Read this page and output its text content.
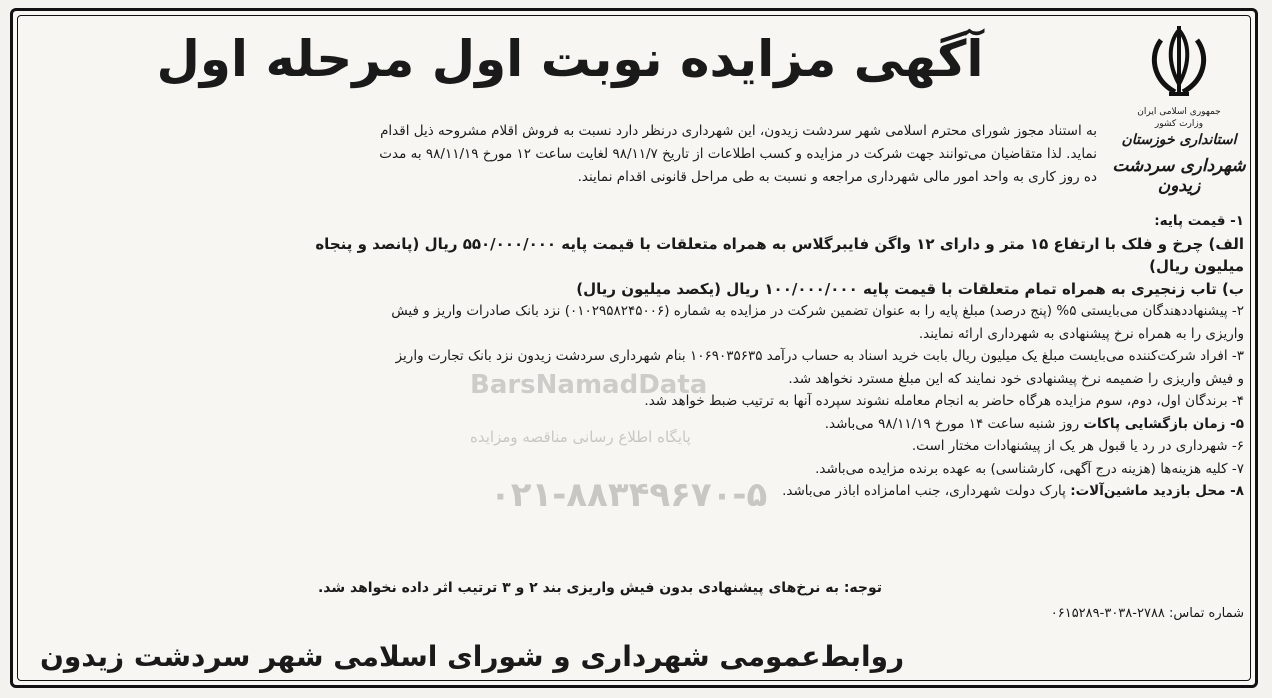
آگهی مزایده نوبت اول مرحله اول
جمهوری اسلامی ایران
وزارت کشور
استانداری خوزستان
شهرداری سردشت زیدون

به استناد مجوز شورای محترم اسلامی شهر سردشت زیدون، این شهرداری درنظر دارد نسبت به فروش اقلام مشروحه ذیل اقدام

نماید. لذا متقاضیان می‌توانند جهت شرکت در مزایده و کسب اطلاعات از تاریخ ۹۸/۱۱/۷ لغایت ساعت ۱۲ مورخ ۹۸/۱۱/۱۹ به مدت

ده روز کاری به واحد امور مالی شهرداری مراجعه و نسبت به طی مراحل قانونی اقدام نمایند.

۱- قیمت پایه:

الف) چرخ و فلک با ارتفاع ۱۵ متر و دارای ۱۲ واگن فایبرگلاس به همراه متعلقات با قیمت پایه ۵۵۰/۰۰۰/۰۰۰ ریال (پانصد و پنجاه

میلیون ریال)

ب) تاب زنجیری به همراه تمام متعلقات با قیمت پایه ۱۰۰/۰۰۰/۰۰۰ ریال (یکصد میلیون ریال)

۲- پیشنهاددهندگان می‌بایستی ۵% (پنج درصد) مبلغ پایه را به عنوان تضمین شرکت در مزایده به شماره (۰۱۰۲۹۵۸۲۴۵۰۰۶) نزد بانک صادرات واریز و فیش

واریزی را به همراه نرخ پیشنهادی به شهرداری ارائه نمایند.

۳- افراد شرکت‌کننده می‌بایست مبلغ یک میلیون ریال بابت خرید اسناد به حساب درآمد ۱۰۶۹۰۳۵۶۳۵ بنام شهرداری سردشت زیدون نزد بانک تجارت واریز

و فیش واریزی را ضمیمه نرخ پیشنهادی خود نمایند که این مبلغ مسترد نخواهد شد.

۴- برندگان اول، دوم، سوم مزایده هرگاه حاضر به انجام معامله نشوند سپرده آنها به ترتیب ضبط خواهد شد.

۵- زمان بازگشایی پاکات روز شنبه ساعت ۱۴ مورخ ۹۸/۱۱/۱۹ می‌باشد.

۶- شهرداری در رد یا قبول هر یک از پیشنهادات مختار است.

۷- کلیه هزینه‌ها (هزینه درج آگهی، کارشناسی) به عهده برنده مزایده می‌باشد.

۸- محل بازدید ماشین‌آلات: پارک دولت شهرداری، جنب امامزاده اباذر می‌باشد.

توجه: به نرخ‌های پیشنهادی بدون فیش واریزی بند ۲ و ۳ ترتیب اثر داده نخواهد شد.
شماره تماس: ۲۷۸۸-۳۰۳۸-۰۶۱۵۲۸۹
روابط‌عمومی شهرداری و شورای اسلامی شهر سردشت زیدون
BarsNamadData
پایگاه اطلاع رسانی مناقصه ومزایده
۰۲۱-۸۸۳۴۹۶۷۰-۵
